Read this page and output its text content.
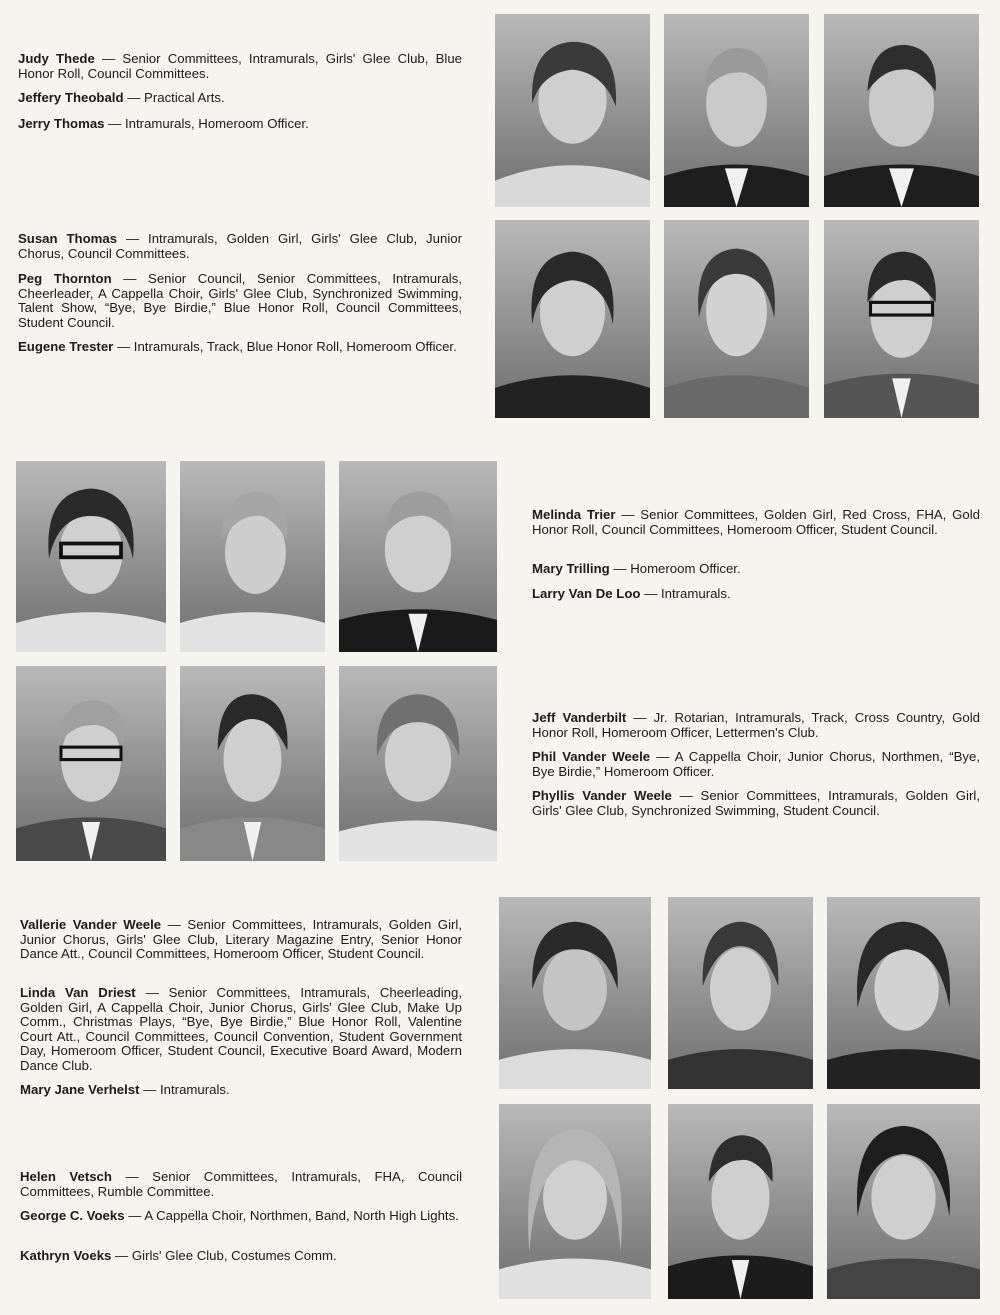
Judy Thede — Senior Committees, Intramurals, Girls' Glee Club, Blue Honor Roll, Council Committees.
Jeffery Theobald — Practical Arts.
Jerry Thomas — Intramurals, Homeroom Officer.
Susan Thomas — Intramurals, Golden Girl, Girls' Glee Club, Junior Chorus, Council Committees.
Peg Thornton — Senior Council, Senior Committees, Intramurals, Cheerleader, A Cappella Choir, Girls' Glee Club, Synchronized Swimming, Talent Show, “Bye, Bye Birdie,” Blue Honor Roll, Council Committees, Student Council.
Eugene Trester — Intramurals, Track, Blue Honor Roll, Homeroom Officer.
Melinda Trier — Senior Committees, Golden Girl, Red Cross, FHA, Gold Honor Roll, Council Committees, Homeroom Officer, Student Council.
Mary Trilling — Homeroom Officer.
Larry Van De Loo — Intramurals.
Jeff Vanderbilt — Jr. Rotarian, Intramurals, Track, Cross Country, Gold Honor Roll, Homeroom Officer, Lettermen's Club.
Phil Vander Weele — A Cappella Choir, Junior Chorus, Northmen, “Bye, Bye Birdie,” Homeroom Officer.
Phyllis Vander Weele — Senior Committees, Intramurals, Golden Girl, Girls' Glee Club, Synchronized Swimming, Student Council.
Vallerie Vander Weele — Senior Committees, Intramurals, Golden Girl, Junior Chorus, Girls' Glee Club, Literary Magazine Entry, Senior Honor Dance Att., Council Committees, Homeroom Officer, Student Council.
Linda Van Driest — Senior Committees, Intramurals, Cheerleading, Golden Girl, A Cappella Choir, Junior Chorus, Girls' Glee Club, Make Up Comm., Christmas Plays, “Bye, Bye Birdie,” Blue Honor Roll, Valentine Court Att., Council Committees, Council Convention, Student Government Day, Homeroom Officer, Student Council, Executive Board Award, Modern Dance Club.
Mary Jane Verhelst — Intramurals.
Helen Vetsch — Senior Committees, Intramurals, FHA, Council Committees, Rumble Committee.
George C. Voeks — A Cappella Choir, Northmen, Band, North High Lights.
Kathryn Voeks — Girls' Glee Club, Costumes Comm.
